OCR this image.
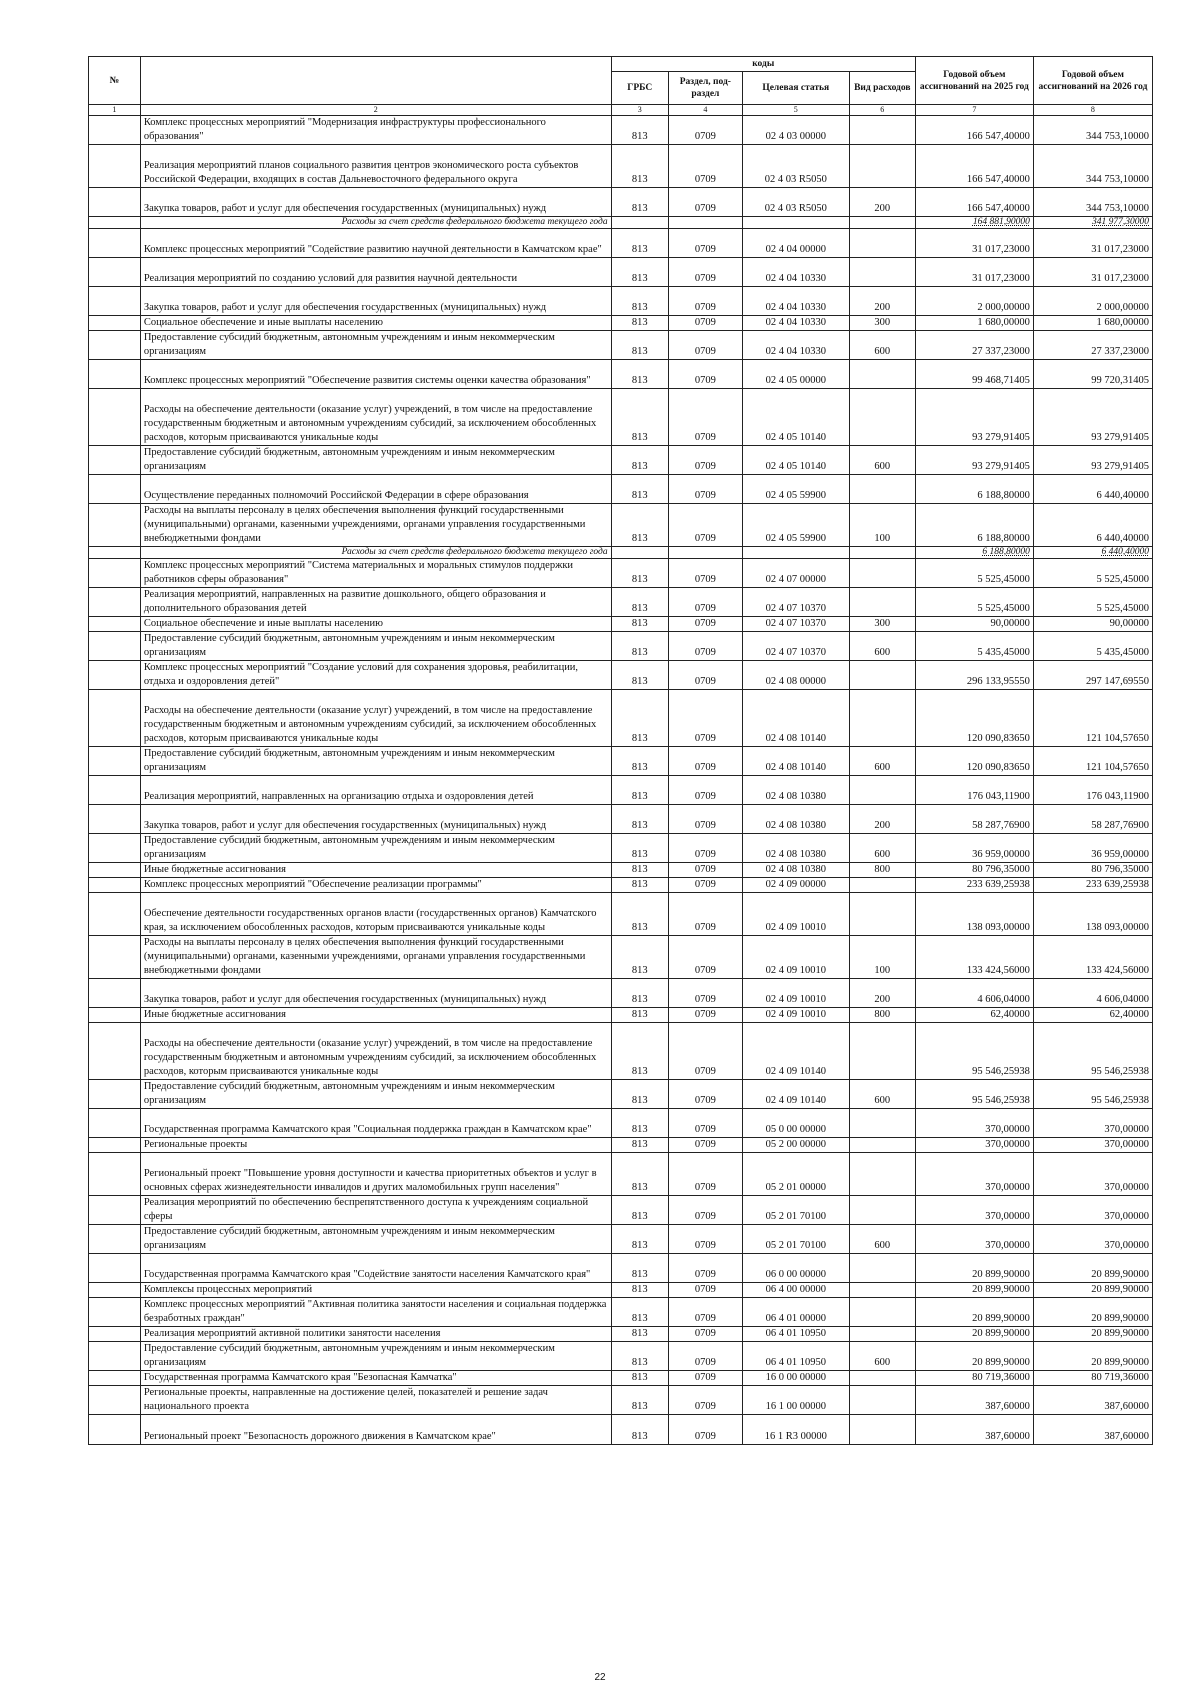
№		коды				Годовой объем ассигнований на 2025 год	Годовой объем ассигнований на 2026 год
		ГРБС	Раздел, под-раздел	Целевая статья	Вид расходов		
1	2	3	4	5	6	7	8
	Комплекс процессных мероприятий "Модернизация инфраструктуры профессионального образования"	813	0709	02 4 03 00000		166 547,40000	344 753,10000
	Реализация мероприятий планов социального развития центров экономического роста субъектов Российской Федерации, входящих в состав Дальневосточного федерального округа	813	0709	02 4 03 R5050		166 547,40000	344 753,10000
	Закупка товаров, работ и услуг для обеспечения государственных (муниципальных) нужд	813	0709	02 4 03 R5050	200	166 547,40000	344 753,10000
	Расходы за счет средств федерального бюджета текущего года					164 881,90000	341 977,30000
	Комплекс процессных мероприятий "Содействие развитию научной деятельности в Камчатском крае"	813	0709	02 4 04 00000		31 017,23000	31 017,23000
	Реализация мероприятий по созданию условий для развития научной деятельности	813	0709	02 4 04 10330		31 017,23000	31 017,23000
	Закупка товаров, работ и услуг для обеспечения государственных (муниципальных) нужд	813	0709	02 4 04 10330	200	2 000,00000	2 000,00000
	Социальное обеспечение и иные выплаты населению	813	0709	02 4 04 10330	300	1 680,00000	1 680,00000
	Предоставление субсидий бюджетным, автономным учреждениям и иным некоммерческим организациям	813	0709	02 4 04 10330	600	27 337,23000	27 337,23000
	Комплекс процессных мероприятий "Обеспечение развития системы оценки качества образования"	813	0709	02 4 05 00000		99 468,71405	99 720,31405
	Расходы на обеспечение деятельности (оказание услуг) учреждений, в том числе на предоставление государственным бюджетным и автономным учреждениям субсидий, за исключением обособленных расходов, которым присваиваются уникальные коды	813	0709	02 4 05 10140		93 279,91405	93 279,91405
	Предоставление субсидий бюджетным, автономным учреждениям и иным некоммерческим организациям	813	0709	02 4 05 10140	600	93 279,91405	93 279,91405
	Осуществление переданных полномочий Российской Федерации в сфере образования	813	0709	02 4 05 59900		6 188,80000	6 440,40000
	Расходы на выплаты персоналу в целях обеспечения выполнения функций государственными (муниципальными) органами, казенными учреждениями, органами управления государственными внебюджетными фондами	813	0709	02 4 05 59900	100	6 188,80000	6 440,40000
	Расходы за счет средств федерального бюджета текущего года					6 188,80000	6 440,40000
	Комплекс процессных мероприятий "Система материальных и моральных стимулов поддержки работников сферы образования"	813	0709	02 4 07 00000		5 525,45000	5 525,45000
	Реализация мероприятий, направленных на развитие дошкольного, общего образования и дополнительного образования детей	813	0709	02 4 07 10370		5 525,45000	5 525,45000
	Социальное обеспечение и иные выплаты населению	813	0709	02 4 07 10370	300	90,00000	90,00000
	Предоставление субсидий бюджетным, автономным учреждениям и иным некоммерческим организациям	813	0709	02 4 07 10370	600	5 435,45000	5 435,45000
	Комплекс процессных мероприятий "Создание условий для сохранения здоровья, реабилитации, отдыха и оздоровления детей"	813	0709	02 4 08 00000		296 133,95550	297 147,69550
	Расходы на обеспечение деятельности (оказание услуг) учреждений, в том числе на предоставление государственным бюджетным и автономным учреждениям субсидий, за исключением обособленных расходов, которым присваиваются уникальные коды	813	0709	02 4 08 10140		120 090,83650	121 104,57650
	Предоставление субсидий бюджетным, автономным учреждениям и иным некоммерческим организациям	813	0709	02 4 08 10140	600	120 090,83650	121 104,57650
	Реализация мероприятий, направленных на организацию отдыха и оздоровления детей	813	0709	02 4 08 10380		176 043,11900	176 043,11900
	Закупка товаров, работ и услуг для обеспечения государственных (муниципальных) нужд	813	0709	02 4 08 10380	200	58 287,76900	58 287,76900
	Предоставление субсидий бюджетным, автономным учреждениям и иным некоммерческим организациям	813	0709	02 4 08 10380	600	36 959,00000	36 959,00000
	Иные бюджетные ассигнования	813	0709	02 4 08 10380	800	80 796,35000	80 796,35000
	Комплекс процессных мероприятий "Обеспечение реализации программы"	813	0709	02 4 09 00000		233 639,25938	233 639,25938
	Обеспечение деятельности государственных органов власти (государственных органов) Камчатского края, за исключением обособленных расходов, которым присваиваются уникальные коды	813	0709	02 4 09 10010		138 093,00000	138 093,00000
	Расходы на выплаты персоналу в целях обеспечения выполнения функций государственными (муниципальными) органами, казенными учреждениями, органами управления государственными внебюджетными фондами	813	0709	02 4 09 10010	100	133 424,56000	133 424,56000
	Закупка товаров, работ и услуг для обеспечения государственных (муниципальных) нужд	813	0709	02 4 09 10010	200	4 606,04000	4 606,04000
	Иные бюджетные ассигнования	813	0709	02 4 09 10010	800	62,40000	62,40000
	Расходы на обеспечение деятельности (оказание услуг) учреждений, в том числе на предоставление государственным бюджетным и автономным учреждениям субсидий, за исключением обособленных расходов, которым присваиваются уникальные коды	813	0709	02 4 09 10140		95 546,25938	95 546,25938
	Предоставление субсидий бюджетным, автономным учреждениям и иным некоммерческим организациям	813	0709	02 4 09 10140	600	95 546,25938	95 546,25938
	Государственная программа Камчатского края "Социальная поддержка граждан в Камчатском крае"	813	0709	05 0 00 00000		370,00000	370,00000
	Региональные проекты	813	0709	05 2 00 00000		370,00000	370,00000
	Региональный проект "Повышение уровня доступности и качества приоритетных объектов и услуг в основных сферах жизнедеятельности инвалидов и других маломобильных групп населения"	813	0709	05 2 01 00000		370,00000	370,00000
	Реализация мероприятий по обеспечению беспрепятственного доступа к учреждениям социальной сферы	813	0709	05 2 01 70100		370,00000	370,00000
	Предоставление субсидий бюджетным, автономным учреждениям и иным некоммерческим организациям	813	0709	05 2 01 70100	600	370,00000	370,00000
	Государственная программа Камчатского края "Содействие занятости населения Камчатского края"	813	0709	06 0 00 00000		20 899,90000	20 899,90000
	Комплексы процессных мероприятий	813	0709	06 4 00 00000		20 899,90000	20 899,90000
	Комплекс процессных мероприятий "Активная политика занятости населения и социальная поддержка безработных граждан"	813	0709	06 4 01 00000		20 899,90000	20 899,90000
	Реализация мероприятий активной политики занятости населения	813	0709	06 4 01 10950		20 899,90000	20 899,90000
	Предоставление субсидий бюджетным, автономным учреждениям и иным некоммерческим организациям	813	0709	06 4 01 10950	600	20 899,90000	20 899,90000
	Государственная программа Камчатского края "Безопасная Камчатка"	813	0709	16 0 00 00000		80 719,36000	80 719,36000
	Региональные проекты, направленные на достижение целей, показателей и решение задач национального проекта	813	0709	16 1 00 00000		387,60000	387,60000
	Региональный проект "Безопасность дорожного движения в Камчатском крае"	813	0709	16 1 R3 00000		387,60000	387,60000
22
